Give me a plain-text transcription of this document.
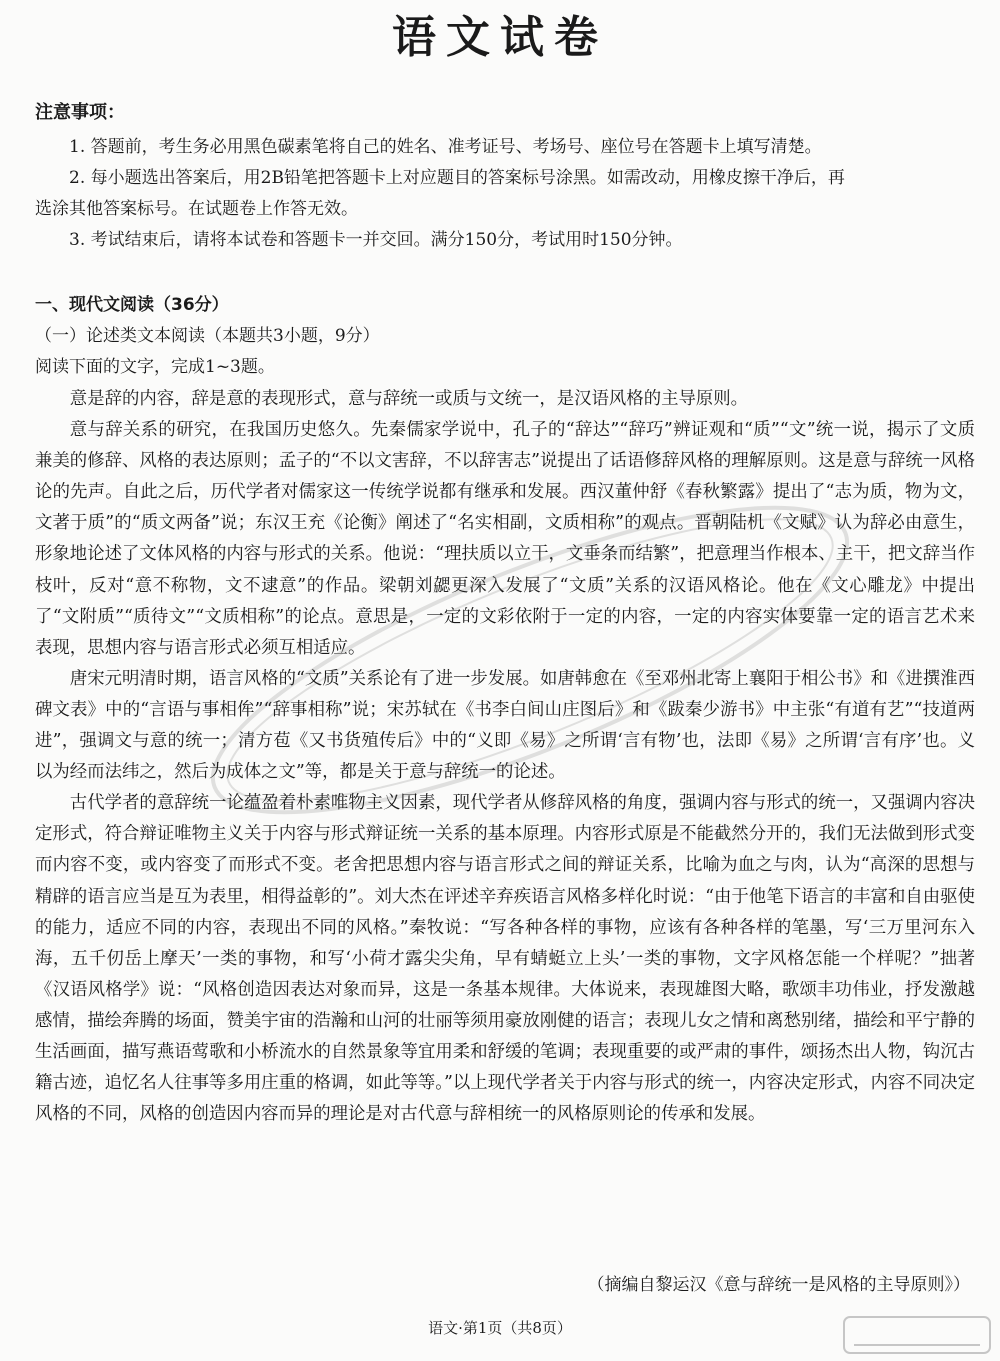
语文试卷
注意事项：

1. 答题前，考生务必用黑色碳素笔将自己的姓名、准考证号、考场号、座位号在答题卡上填写清楚。

2. 每小题选出答案后，用2B铅笔把答题卡上对应题目的答案标号涂黑。如需改动，用橡皮擦干净后，再

选涂其他答案标号。在试题卷上作答无效。

3. 考试结束后，请将本试卷和答题卡一并交回。满分150分，考试用时150分钟。

一、现代文阅读（36分）

（一）论述类文本阅读（本题共3小题，9分）

阅读下面的文字，完成1~3题。

意是辞的内容，辞是意的表现形式，意与辞统一或质与文统一，是汉语风格的主导原则。

意与辞关系的研究，在我国历史悠久。先秦儒家学说中，孔子的“辞达”“辞巧”辨证观和“质”“文”统一说，揭示了文质兼美的修辞、风格的表达原则；孟子的“不以文害辞，不以辞害志”说提出了话语修辞风格的理解原则。这是意与辞统一风格论的先声。自此之后，历代学者对儒家这一传统学说都有继承和发展。西汉董仲舒《春秋繁露》提出了“志为质，物为文，文著于质”的“质文两备”说；东汉王充《论衡》阐述了“名实相副，文质相称”的观点。晋朝陆机《文赋》认为辞必由意生，形象地论述了文体风格的内容与形式的关系。他说：“理扶质以立干，文垂条而结繁”，把意理当作根本、主干，把文辞当作枝叶，反对“意不称物，文不逮意”的作品。梁朝刘勰更深入发展了“文质”关系的汉语风格论。他在《文心雕龙》中提出了“文附质”“质待文”“文质相称”的论点。意思是，一定的文彩依附于一定的内容，一定的内容实体要靠一定的语言艺术来表现，思想内容与语言形式必须互相适应。

唐宋元明清时期，语言风格的“文质”关系论有了进一步发展。如唐韩愈在《至邓州北寄上襄阳于相公书》和《进撰淮西碑文表》中的“言语与事相侔”“辞事相称”说；宋苏轼在《书李白间山庄图后》和《跋秦少游书》中主张“有道有艺”“技道两进”，强调文与意的统一；清方苞《又书货殖传后》中的“义即《易》之所谓‘言有物’也，法即《易》之所谓‘言有序’也。义以为经而法纬之，然后为成体之文”等，都是关于意与辞统一的论述。

古代学者的意辞统一论蕴盈着朴素唯物主义因素，现代学者从修辞风格的角度，强调内容与形式的统一，又强调内容决定形式，符合辩证唯物主义关于内容与形式辩证统一关系的基本原理。内容形式原是不能截然分开的，我们无法做到形式变而内容不变，或内容变了而形式不变。老舍把思想内容与语言形式之间的辩证关系，比喻为血之与肉，认为“高深的思想与精辟的语言应当是互为表里，相得益彰的”。刘大杰在评述辛弃疾语言风格多样化时说：“由于他笔下语言的丰富和自由驱使的能力，适应不同的内容，表现出不同的风格。”秦牧说：“写各种各样的事物，应该有各种各样的笔墨，写‘三万里河东入海，五千仞岳上摩天’一类的事物，和写‘小荷才露尖尖角，早有蜻蜓立上头’一类的事物，文字风格怎能一个样呢？”拙著《汉语风格学》说：“风格创造因表达对象而异，这是一条基本规律。大体说来，表现雄图大略，歌颂丰功伟业，抒发激越感情，描绘奔腾的场面，赞美宇宙的浩瀚和山河的壮丽等须用豪放刚健的语言；表现儿女之情和离愁别绪，描绘和平宁静的生活画面，描写燕语莺歌和小桥流水的自然景象等宜用柔和舒缓的笔调；表现重要的或严肃的事件，颂扬杰出人物，钩沉古籍古迹，追忆名人往事等多用庄重的格调，如此等等。”以上现代学者关于内容与形式的统一，内容决定形式，内容不同决定风格的不同，风格的创造因内容而异的理论是对古代意与辞相统一的风格原则论的传承和发展。

（摘编自黎运汉《意与辞统一是风格的主导原则》）
语文·第1页（共8页）
